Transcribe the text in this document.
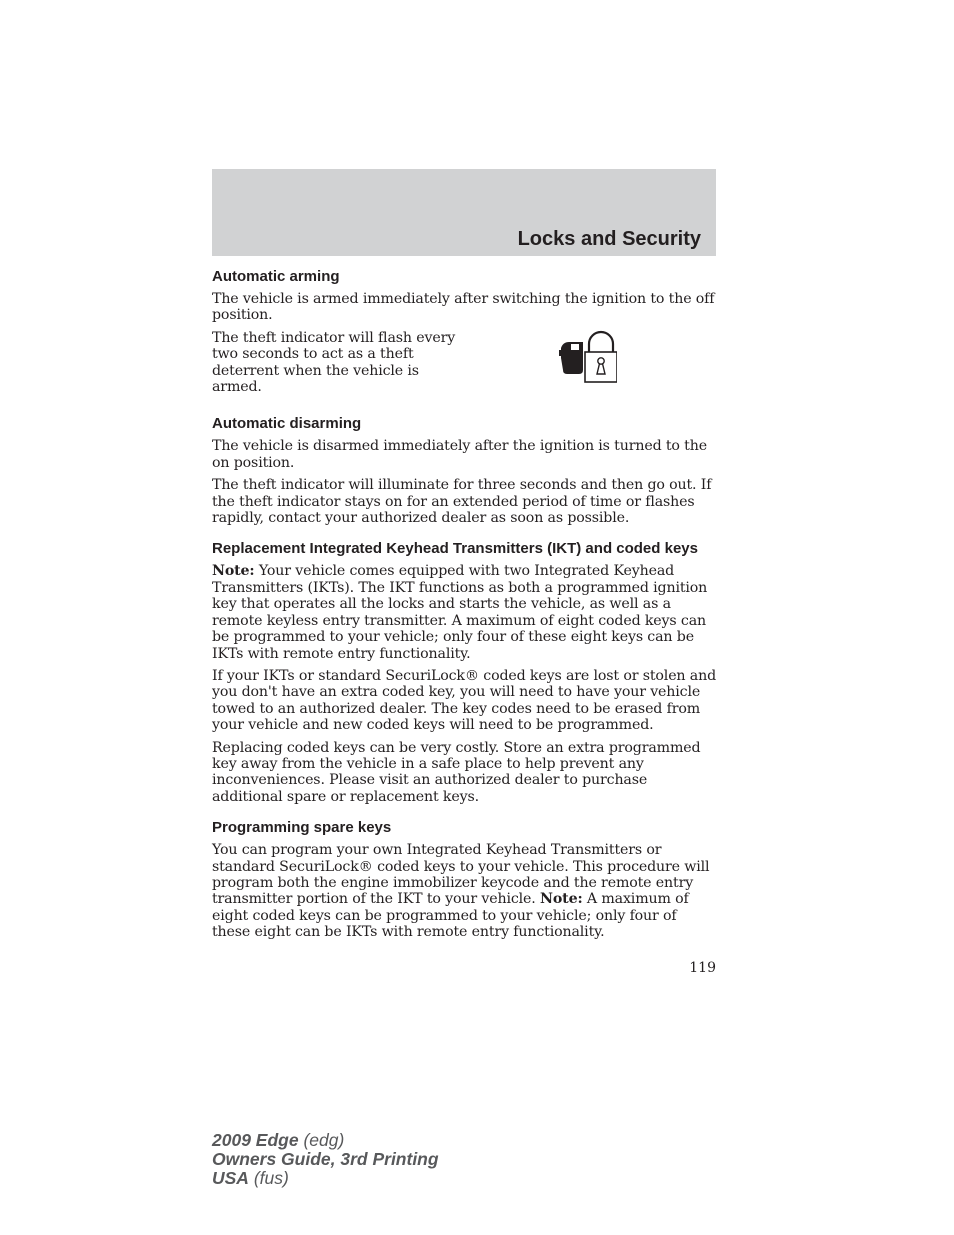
Locks and Security
Automatic arming

The vehicle is armed immediately after switching the ignition to the off position.

The theft indicator will flash every two seconds to act as a theft deterrent when the vehicle is armed.

Automatic disarming

The vehicle is disarmed immediately after the ignition is turned to the on position.

The theft indicator will illuminate for three seconds and then go out. If the theft indicator stays on for an extended period of time or flashes rapidly, contact your authorized dealer as soon as possible.

Replacement Integrated Keyhead Transmitters (IKT) and coded keys

Note: Your vehicle comes equipped with two Integrated Keyhead Transmitters (IKTs). The IKT functions as both a programmed ignition key that operates all the locks and starts the vehicle, as well as a remote keyless entry transmitter. A maximum of eight coded keys can be programmed to your vehicle; only four of these eight keys can be IKTs with remote entry functionality.

If your IKTs or standard SecuriLock® coded keys are lost or stolen and you don't have an extra coded key, you will need to have your vehicle towed to an authorized dealer. The key codes need to be erased from your vehicle and new coded keys will need to be programmed.

Replacing coded keys can be very costly. Store an extra programmed key away from the vehicle in a safe place to help prevent any inconveniences. Please visit an authorized dealer to purchase additional spare or replacement keys.

Programming spare keys

You can program your own Integrated Keyhead Transmitters or standard SecuriLock® coded keys to your vehicle. This procedure will program both the engine immobilizer keycode and the remote entry transmitter portion of the IKT to your vehicle. Note: A maximum of eight coded keys can be programmed to your vehicle; only four of these eight can be IKTs with remote entry functionality.

119
2009 Edge (edg)
Owners Guide, 3rd Printing
USA (fus)
